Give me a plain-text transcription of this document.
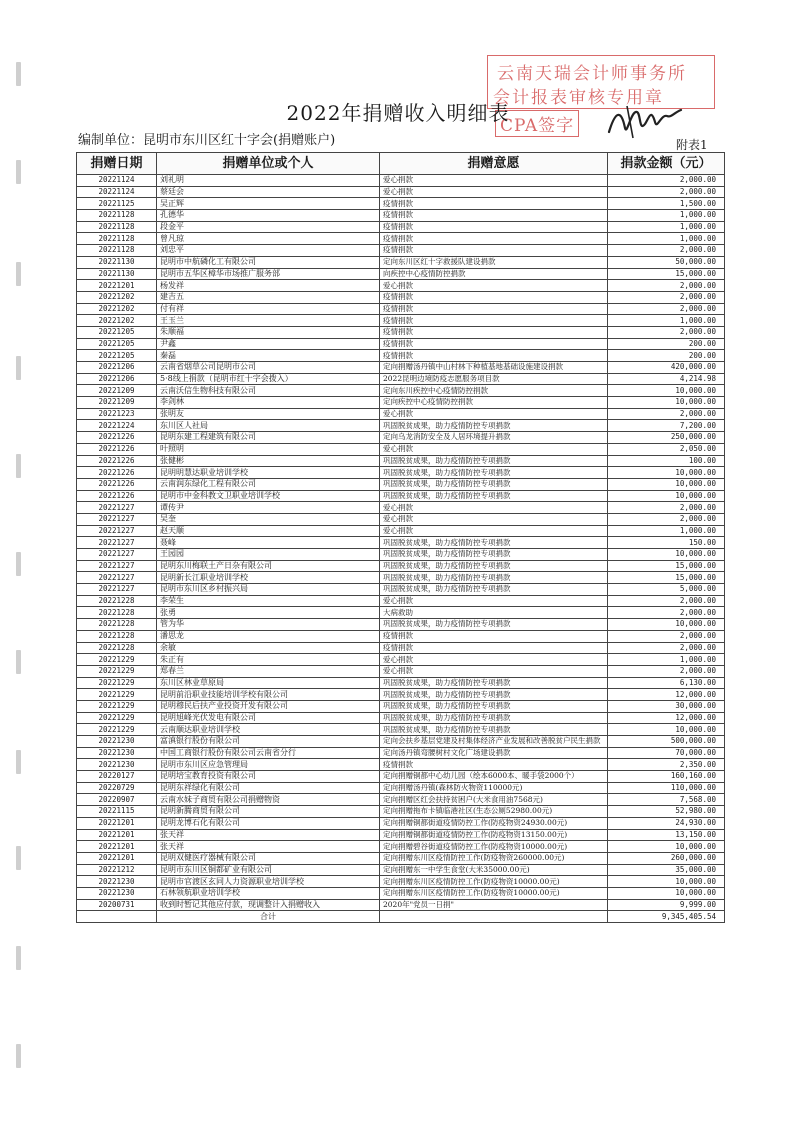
云南天瑞会计师事务所
会计报表审核专用章
CPA签字
2022年捐赠收入明细表
编制单位：昆明市东川区红十字会(捐赠账户)	附表1
捐赠日期	捐赠单位或个人	捐赠意愿	捐款金额（元）
20221124	刘礼明	爱心捐款	2,000.00
20221124	蔡廷会	爱心捐款	2,000.00
20221125	吴正辉	疫情捐款	1,500.00
20221128	孔德华	疫情捐款	1,000.00
20221128	段金平	疫情捐款	1,000.00
20221128	曾凡琼	疫情捐款	1,000.00
20221128	刘忠平	疫情捐款	2,000.00
20221130	昆明市中航磷化工有限公司	定向东川区红十字救援队建设捐款	50,000.00
20221130	昆明市五华区樟华市场推广服务部	向疾控中心疫情防控捐款	15,000.00
20221201	杨发祥	爱心捐款	2,000.00
20221202	建吉五	疫情捐款	2,000.00
20221202	付有祥	疫情捐款	2,000.00
20221202	王玉兰	疫情捐款	1,000.00
20221205	朱顺福	疫情捐款	2,000.00
20221205	尹鑫	疫情捐款	200.00
20221205	秦磊	疫情捐款	200.00
20221206	云南省烟草公司昆明市公司	定向捐赠汤丹镇中山村林下种植基地基础设施建设捐款	420,000.00
20221206	5·8线上捐款（昆明市红十字会拨入）	2022昆明边境防疫志愿服务项目款	4,214.98
20221209	云南沃信生物科技有限公司	定向东川疾控中心疫情防控捐款	10,000.00
20221209	李剑林	定向疾控中心疫情防控捐款	10,000.00
20221223	张明友	爱心捐款	2,000.00
20221224	东川区人社局	巩固脱贫成果，助力疫情防控专项捐款	7,200.00
20221226	昆明东建工程建筑有限公司	定向乌龙消防安全及人居环境提升捐款	250,000.00
20221226	叶照明	爱心捐款	2,050.00
20221226	张健彬	巩固脱贫成果，助力疫情防控专项捐款	100.00
20221226	昆明明慧达职业培训学校	巩固脱贫成果，助力疫情防控专项捐款	10,000.00
20221226	云南润东绿化工程有限公司	巩固脱贫成果，助力疫情防控专项捐款	10,000.00
20221226	昆明市中金科教文卫职业培训学校	巩固脱贫成果，助力疫情防控专项捐款	10,000.00
20221227	谭传尹	爱心捐款	2,000.00
20221227	吴奎	爱心捐款	2,000.00
20221227	赵天顺	爱心捐款	1,000.00
20221227	聂峰	巩固脱贫成果，助力疫情防控专项捐款	150.00
20221227	王园园	巩固脱贫成果，助力疫情防控专项捐款	10,000.00
20221227	昆明东川梅联土产日杂有限公司	巩固脱贫成果，助力疫情防控专项捐款	15,000.00
20221227	昆明新长江职业培训学校	巩固脱贫成果，助力疫情防控专项捐款	15,000.00
20221227	昆明市东川区乡村振兴局	巩固脱贫成果，助力疫情防控专项捐款	5,000.00
20221228	李荣生	爱心捐款	2,000.00
20221228	张勇	大病救助	2,000.00
20221228	管为华	巩固脱贫成果，助力疫情防控专项捐款	10,000.00
20221228	潘思龙	疫情捐款	2,000.00
20221228	余敏	疫情捐款	2,000.00
20221229	朱正有	爱心捐款	1,000.00
20221229	郑春兰	爱心捐款	2,000.00
20221229	东川区林业草原局	巩固脱贫成果，助力疫情防控专项捐款	6,130.00
20221229	昆明前沿职业技能培训学校有限公司	巩固脱贫成果，助力疫情防控专项捐款	12,000.00
20221229	昆明穆民后扶产业投资开发有限公司	巩固脱贫成果，助力疫情防控专项捐款	30,000.00
20221229	昆明旭峰光伏发电有限公司	巩固脱贫成果，助力疫情防控专项捐款	12,000.00
20221229	云南顺达职业培训学校	巩固脱贫成果，助力疫情防控专项捐款	10,000.00
20221230	富滇银行股份有限公司	定向会扶乡基层党建及村集体经济产业发展和改善脱贫户民生捐款	500,000.00
20221230	中国工商银行股份有限公司云南省分行	定向汤丹镇弯腰树村文化广场建设捐款	70,000.00
20221230	昆明市东川区应急管理局	疫情捐款	2,350.00
20220127	昆明培宝教育投资有限公司	定向捐赠铜都中心幼儿园（绘本6000本、暖手袋2000个）	160,160.00
20220729	昆明东祥绿化有限公司	定向捐赠汤丹镇(森林防火物资110000元)	110,000.00
20220907	云南水妹子商贸有限公司捐赠物资	定向捐赠区红会扶持贫困户(大米食用油7568元)	7,568.00
20221115	昆明新腾商贸有限公司	定向捐赠拖布卡镇临港社区(生态公厕52980.00元)	52,980.00
20221201	昆明龙博石化有限公司	定向捐赠铜都街道疫情防控工作(防疫物资24930.00元)	24,930.00
20221201	张天祥	定向捐赠铜都街道疫情防控工作(防疫物资13150.00元)	13,150.00
20221201	张天祥	定向捐赠碧谷街道疫情防控工作(防疫物资10000.00元)	10,000.00
20221201	昆明双健医疗器械有限公司	定向捐赠东川区疫情防控工作(防疫物资260000.00元)	260,000.00
20221212	昆明市东川区铜都矿业有限公司	定向捐赠东一中学生食堂(大米35000.00元)	35,000.00
20221230	昆明市官渡区玄同人力资源职业培训学校	定向捐赠东川区疫情防控工作(防疫物资10000.00元)	10,000.00
20221230	石林领航职业培训学校	定向捐赠东川区疫情防控工作(防疫物资10000.00元)	10,000.00
20200731	收到时暂记其他应付款，现调整计入捐赠收入	2020年"党员一日捐"	9,999.00
	合计		9,345,405.54
